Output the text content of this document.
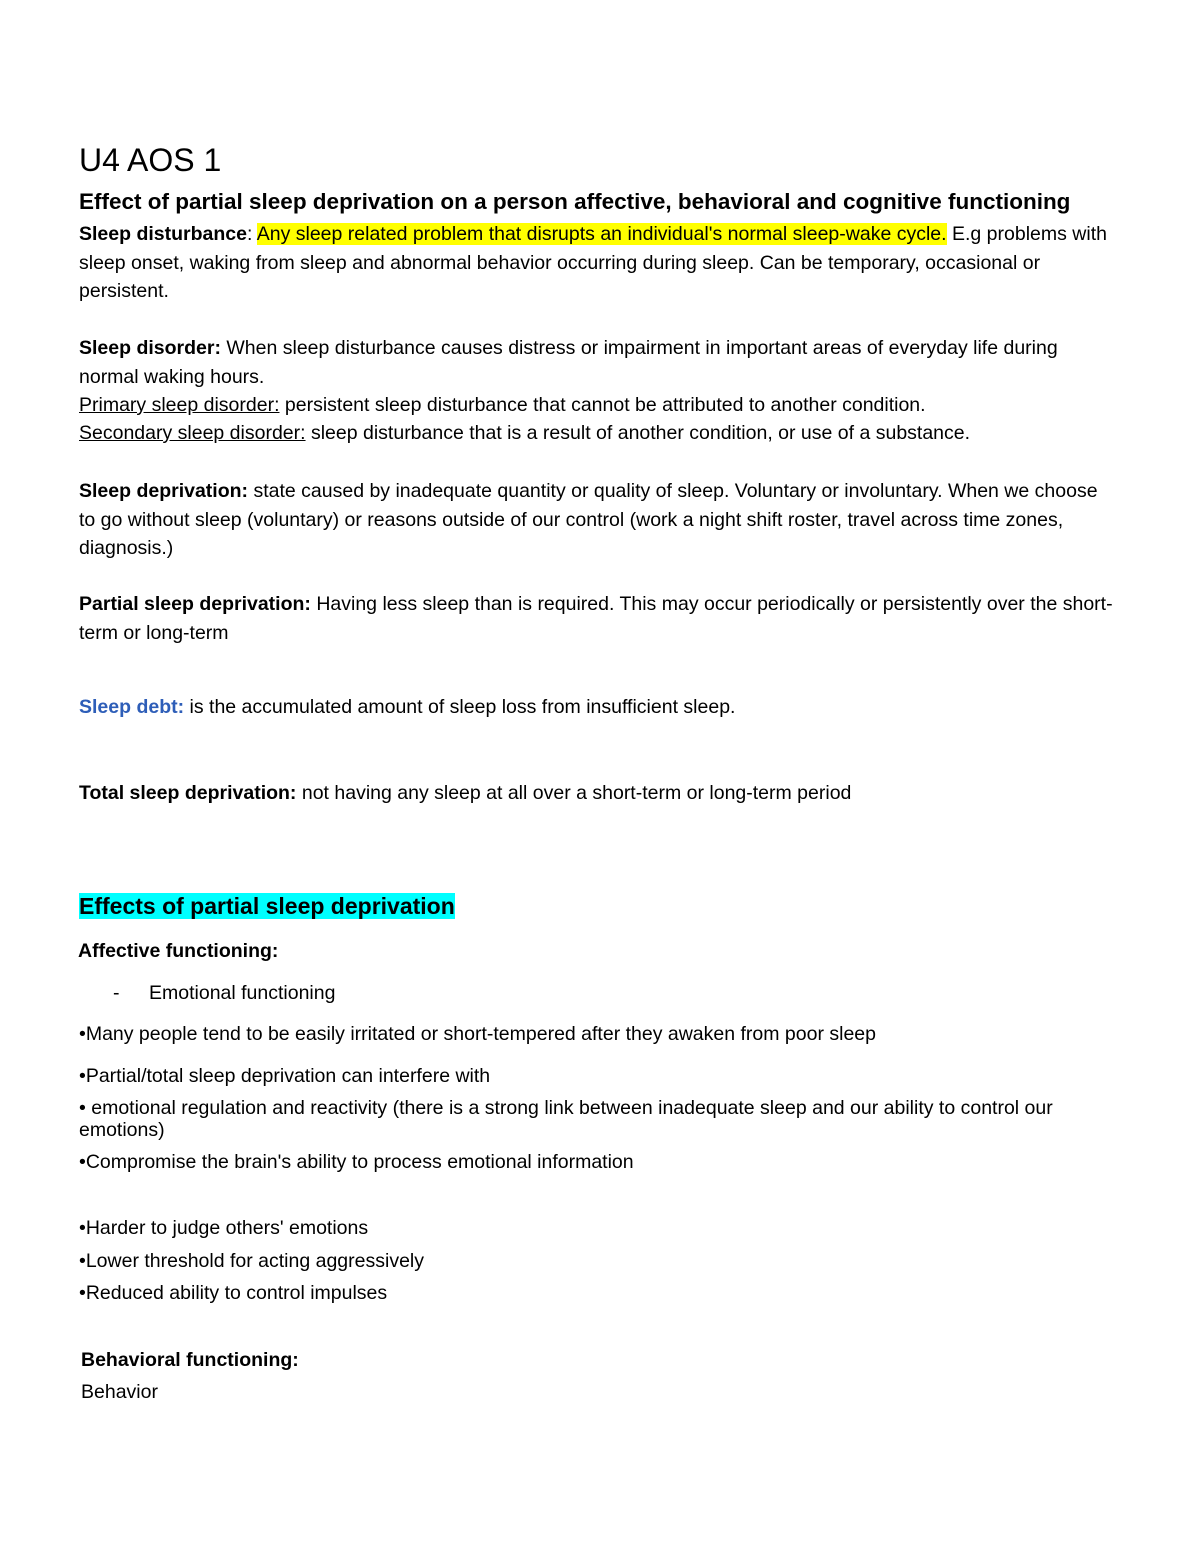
U4 AOS 1
Effect of partial sleep deprivation on a person affective, behavioral and cognitive functioning
Sleep disturbance: Any sleep related problem that disrupts an individual's normal sleep-wake cycle. E.g problems with sleep onset, waking from sleep and abnormal behavior occurring during sleep. Can be temporary, occasional or persistent.
Sleep disorder: When sleep disturbance causes distress or impairment in important areas of everyday life during normal waking hours.
Primary sleep disorder: persistent sleep disturbance that cannot be attributed to another condition.
Secondary sleep disorder: sleep disturbance that is a result of another condition, or use of a substance.
Sleep deprivation: state caused by inadequate quantity or quality of sleep. Voluntary or involuntary. When we choose to go without sleep (voluntary) or reasons outside of our control (work a night shift roster, travel across time zones, diagnosis.)
Partial sleep deprivation: Having less sleep than is required. This may occur periodically or persistently over the short-term or long-term
Sleep debt: is the accumulated amount of sleep loss from insufficient sleep.
Total sleep deprivation: not having any sleep at all over a short-term or long-term period
Effects of partial sleep deprivation
Affective functioning:
- Emotional functioning
•Many people tend to be easily irritated or short-tempered after they awaken from poor sleep
•Partial/total sleep deprivation can interfere with
• emotional regulation and reactivity (there is a strong link between inadequate sleep and our ability to control our emotions)
•Compromise the brain's ability to process emotional information
•Harder to judge others' emotions
•Lower threshold for acting aggressively
•Reduced ability to control impulses
Behavioral functioning:
Behavior
